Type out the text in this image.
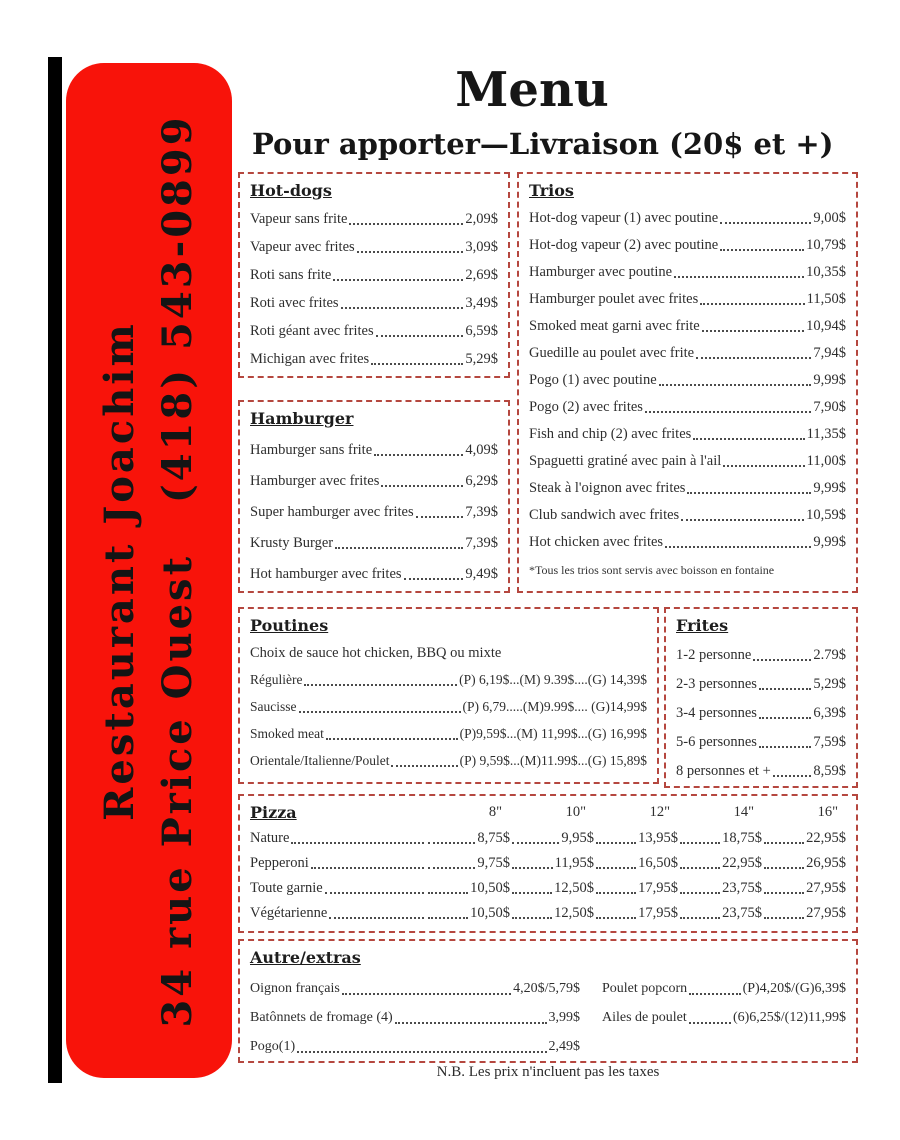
Restaurant Joachim 34 rue Price Ouest   (418) 543-0899
Menu
Pour apporter—Livraison (20$ et +)
Hot-dogs
Vapeur sans frite	2,09$
Vapeur avec frites	3,09$
Roti sans frite	2,69$
Roti avec frites	3,49$
Roti géant avec frites	6,59$
Michigan avec frites	5,29$
Hamburger
Hamburger sans frite	4,09$
Hamburger avec frites	6,29$
Super hamburger avec frites	7,39$
Krusty Burger	7,39$
Hot hamburger avec frites	9,49$
Trios
Hot-dog vapeur (1) avec poutine	9,00$
Hot-dog vapeur (2) avec poutine	10,79$
Hamburger avec poutine	10,35$
Hamburger poulet avec frites	11,50$
Smoked meat garni avec frite	10,94$
Guedille au poulet avec frite	7,94$
Pogo (1) avec poutine	9,99$
Pogo (2) avec frites	7,90$
Fish and chip (2) avec frites	11,35$
Spaguetti gratiné avec pain à l'ail	11,00$
Steak à l'oignon avec frites	9,99$
Club sandwich avec frites	10,59$
Hot chicken avec frites	9,99$
*Tous les trios sont servis avec boisson en fontaine
Poutines
Choix de sauce hot chicken, BBQ ou mixte
Régulière	(P) 6,19$...(M) 9.39$....(G) 14,39$
Saucisse	(P) 6,79.....(M)9.99$.... (G)14,99$
Smoked meat	(P)9,59$...(M) 11,99$...(G) 16,99$
Orientale/Italienne/Poulet	(P) 9,59$...(M)11.99$...(G) 15,89$
Frites
1-2 personne	2.79$
2-3 personnes	5,29$
3-4 personnes	6,39$
5-6 personnes	7,59$
8 personnes et +	8,59$
Pizza	8"	10"	12"	14"	16"
Nature	8,75$	9,95$	13,95$	18,75$	22,95$
Pepperoni	9,75$	11,95$	16,50$	22,95$	26,95$
Toute garnie	10,50$	12,50$	17,95$	23,75$	27,95$
Végétarienne	10,50$	12,50$	17,95$	23,75$	27,95$
Autre/extras
Oignon français	4,20$/5,79$
Batônnets de fromage (4)	3,99$
Pogo(1)	2,49$
Poulet popcorn	(P)4,20$/(G)6,39$
Ailes de poulet	(6)6,25$/(12)11,99$
N.B. Les prix n'incluent pas les taxes
